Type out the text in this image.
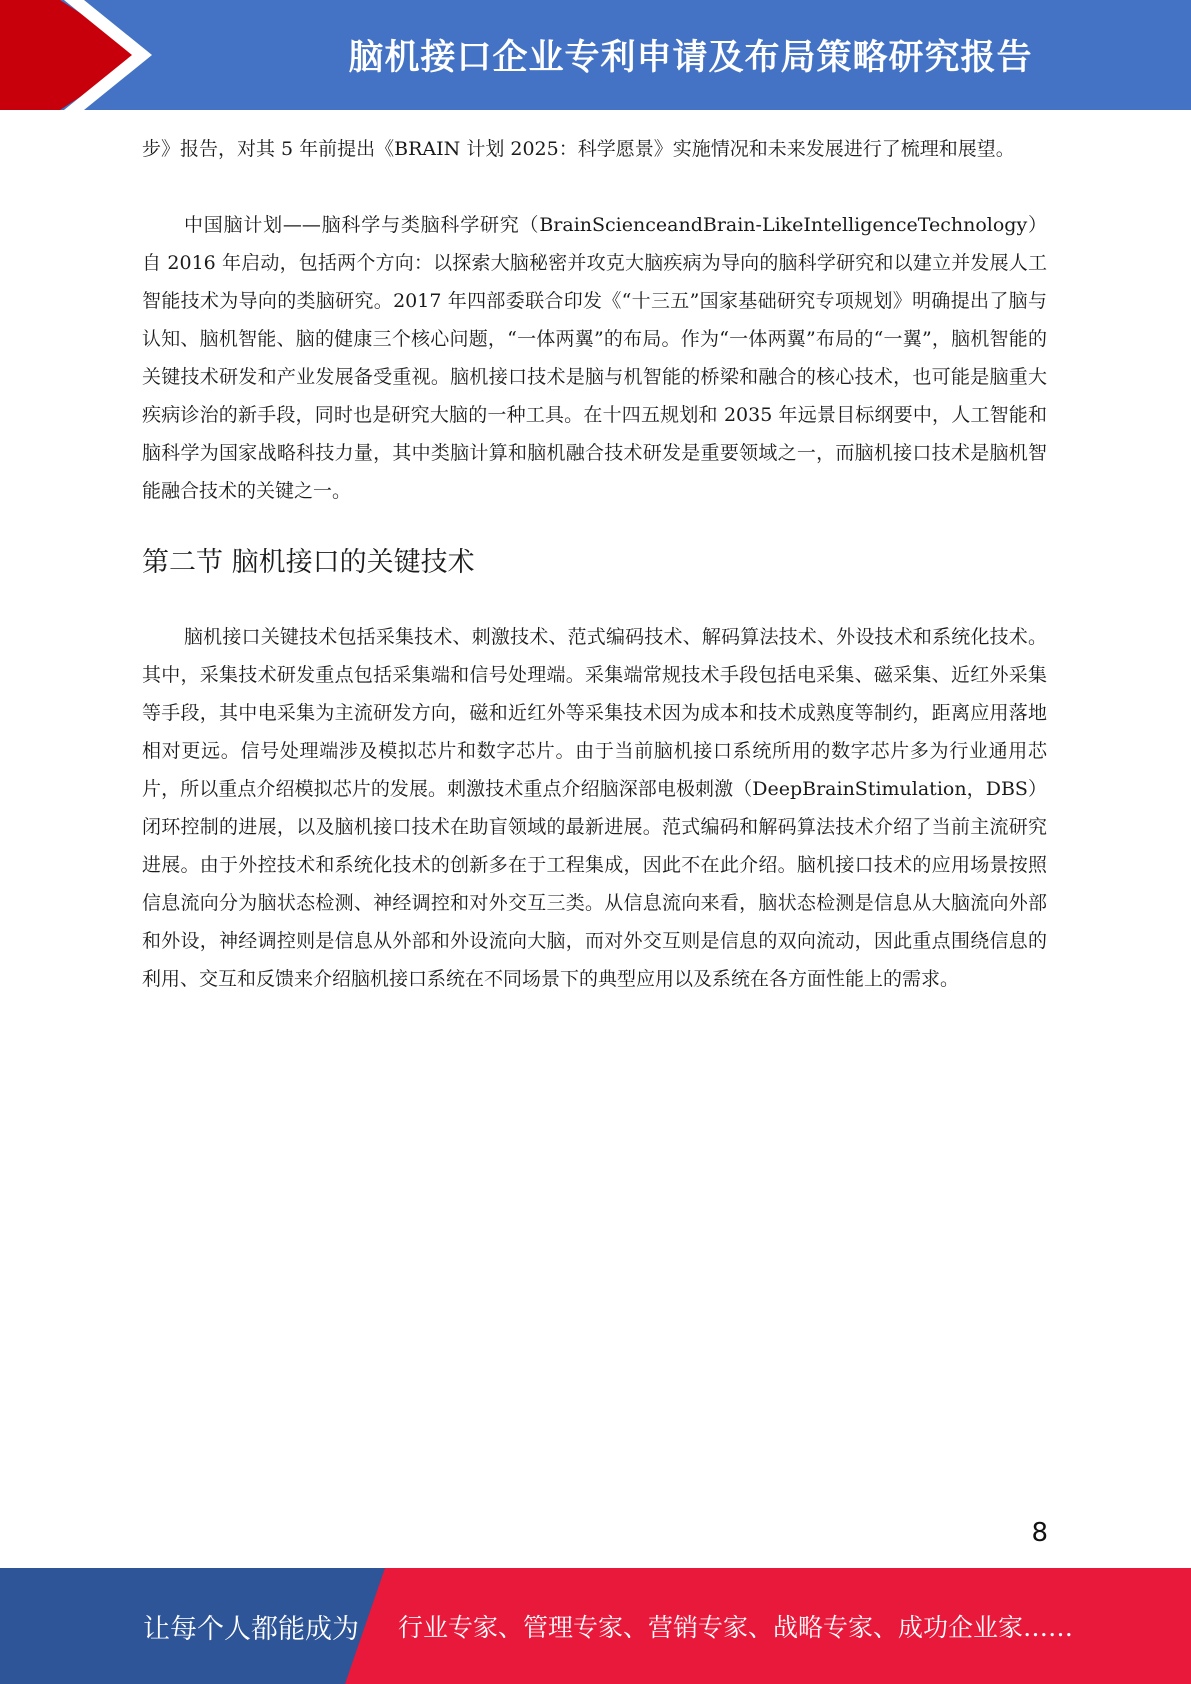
脑机接口企业专利申请及布局策略研究报告

步》报告，对其 5 年前提出《BRAIN 计划 2025：科学愿景》实施情况和未来发展进行了梳理和展望。

中国脑计划——脑科学与类脑科学研究（BrainScienceandBrain-LikeIntelligenceTechnology）自 2016 年启动，包括两个方向：以探索大脑秘密并攻克大脑疾病为导向的脑科学研究和以建立并发展人工智能技术为导向的类脑研究。2017 年四部委联合印发《“十三五”国家基础研究专项规划》明确提出了脑与认知、脑机智能、脑的健康三个核心问题，“一体两翼”的布局。作为“一体两翼”布局的“一翼”，脑机智能的关键技术研发和产业发展备受重视。脑机接口技术是脑与机智能的桥梁和融合的核心技术，也可能是脑重大疾病诊治的新手段，同时也是研究大脑的一种工具。在十四五规划和 2035 年远景目标纲要中，人工智能和脑科学为国家战略科技力量，其中类脑计算和脑机融合技术研发是重要领域之一，而脑机接口技术是脑机智能融合技术的关键之一。

第二节 脑机接口的关键技术

脑机接口关键技术包括采集技术、刺激技术、范式编码技术、解码算法技术、外设技术和系统化技术。其中，采集技术研发重点包括采集端和信号处理端。采集端常规技术手段包括电采集、磁采集、近红外采集等手段，其中电采集为主流研发方向，磁和近红外等采集技术因为成本和技术成熟度等制约，距离应用落地相对更远。信号处理端涉及模拟芯片和数字芯片。由于当前脑机接口系统所用的数字芯片多为行业通用芯片，所以重点介绍模拟芯片的发展。刺激技术重点介绍脑深部电极刺激（DeepBrainStimulation，DBS）闭环控制的进展，以及脑机接口技术在助盲领域的最新进展。范式编码和解码算法技术介绍了当前主流研究进展。由于外控技术和系统化技术的创新多在于工程集成，因此不在此介绍。脑机接口技术的应用场景按照信息流向分为脑状态检测、神经调控和对外交互三类。从信息流向来看，脑状态检测是信息从大脑流向外部和外设，神经调控则是信息从外部和外设流向大脑，而对外交互则是信息的双向流动，因此重点围绕信息的利用、交互和反馈来介绍脑机接口系统在不同场景下的典型应用以及系统在各方面性能上的需求。

8
让每个人都能成为 行业专家、管理专家、营销专家、战略专家、成功企业家……
